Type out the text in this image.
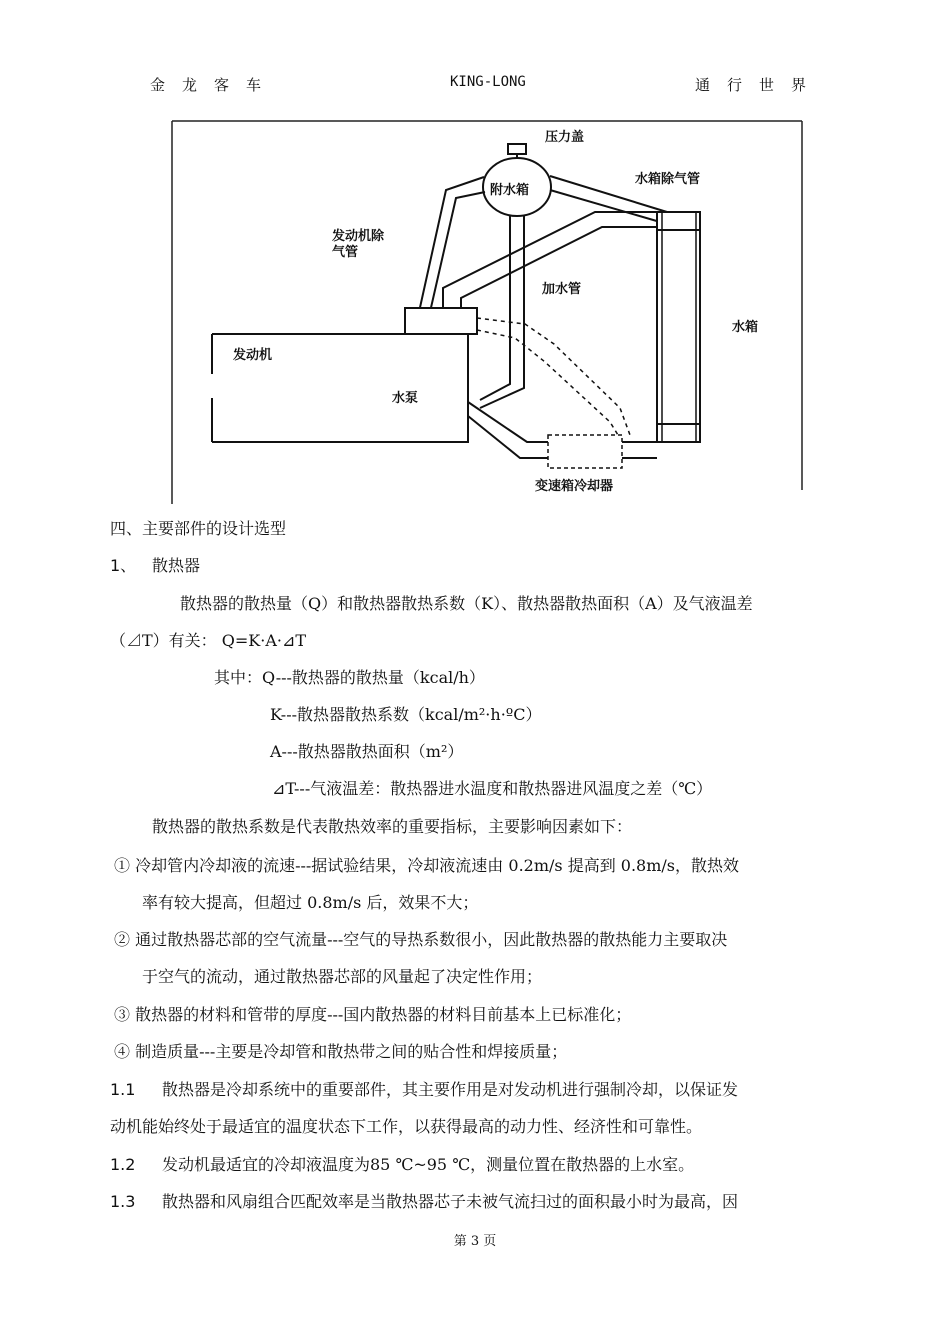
金龙客车	KING-LONG	通行世界
压力盖
附水箱
水箱除气管
发动机除
气管
加水管
水箱
发动机
水泵
变速箱冷却器
四、主要部件的设计选型
1、 散热器
散热器的散热量（Q）和散热器散热系数（K）、散热器散热面积（A）及气液温差
（⊿T）有关： Q=K·A·⊿T
其中：Q---散热器的散热量（kcal/h）
K---散热器散热系数（kcal/m²·h·ºC）
A---散热器散热面积（m²）
⊿T---气液温差：散热器进水温度和散热器进风温度之差（℃）
散热器的散热系数是代表散热效率的重要指标，主要影响因素如下：
① 冷却管内冷却液的流速---据试验结果，冷却液流速由 0.2m/s 提高到 0.8m/s，散热效
率有较大提高，但超过 0.8m/s 后，效果不大；
② 通过散热器芯部的空气流量---空气的导热系数很小，因此散热器的散热能力主要取决
于空气的流动，通过散热器芯部的风量起了决定性作用；
③ 散热器的材料和管带的厚度---国内散热器的材料目前基本上已标准化；
④ 制造质量---主要是冷却管和散热带之间的贴合性和焊接质量；
1.1 散热器是冷却系统中的重要部件，其主要作用是对发动机进行强制冷却，以保证发
动机能始终处于最适宜的温度状态下工作，以获得最高的动力性、经济性和可靠性。
1.2 发动机最适宜的冷却液温度为85 ℃~95 ℃，测量位置在散热器的上水室。
1.3 散热器和风扇组合匹配效率是当散热器芯子未被气流扫过的面积最小时为最高，因
第 3 页
